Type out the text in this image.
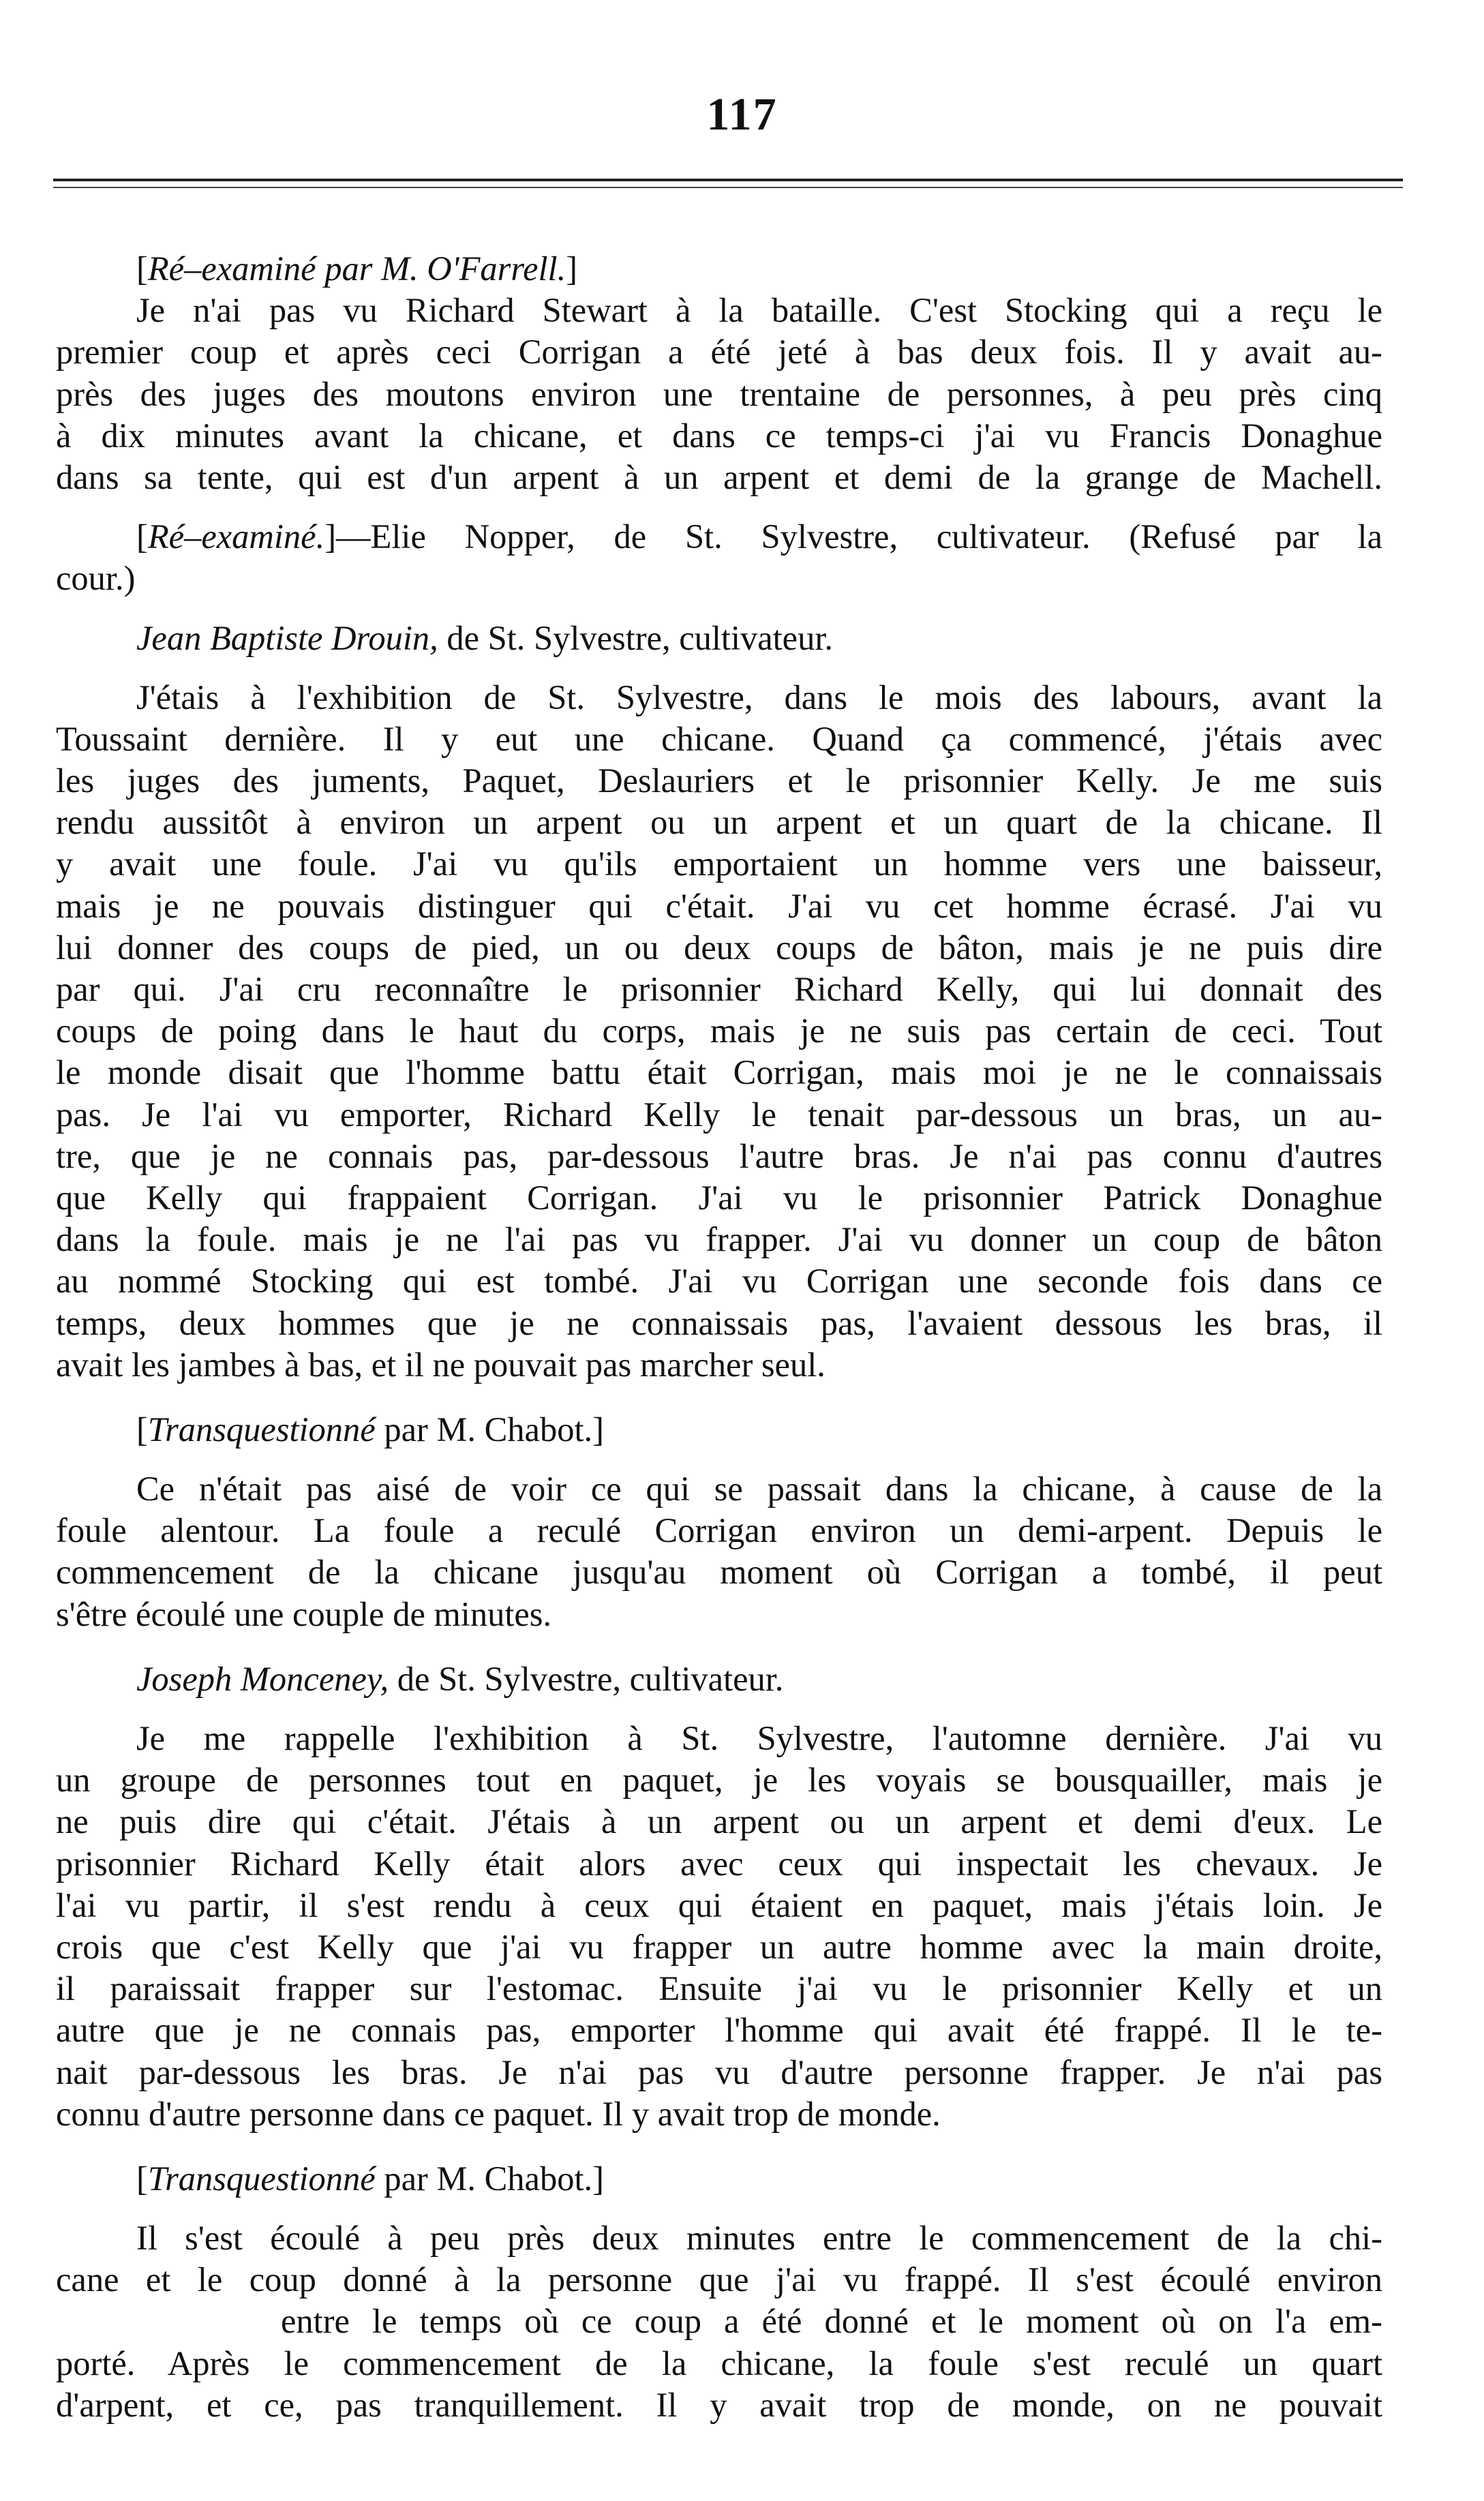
117
[Ré–examiné par M. O'Farrell.]
Je n'ai pas vu Richard Stewart à la bataille. C'est Stocking qui a reçu le
premier coup et après ceci Corrigan a été jeté à bas deux fois. Il y avait au-
près des juges des moutons environ une trentaine de personnes, à peu près cinq
à dix minutes avant la chicane, et dans ce temps-ci j'ai vu Francis Donaghue
dans sa tente, qui est d'un arpent à un arpent et demi de la grange de Machell.
[Ré–examiné.]—Elie Nopper, de St. Sylvestre, cultivateur. (Refusé par la
cour.)
Jean Baptiste Drouin, de St. Sylvestre, cultivateur.
J'étais à l'exhibition de St. Sylvestre, dans le mois des labours, avant la
Toussaint dernière. Il y eut une chicane. Quand ça commencé, j'étais avec
les juges des juments, Paquet, Deslauriers et le prisonnier Kelly. Je me suis
rendu aussitôt à environ un arpent ou un arpent et un quart de la chicane. Il
y avait une foule. J'ai vu qu'ils emportaient un homme vers une baisseur,
mais je ne pouvais distinguer qui c'était. J'ai vu cet homme écrasé. J'ai vu
lui donner des coups de pied, un ou deux coups de bâton, mais je ne puis dire
par qui. J'ai cru reconnaître le prisonnier Richard Kelly, qui lui donnait des
coups de poing dans le haut du corps, mais je ne suis pas certain de ceci. Tout
le monde disait que l'homme battu était Corrigan, mais moi je ne le connaissais
pas. Je l'ai vu emporter, Richard Kelly le tenait par-dessous un bras, un au-
tre, que je ne connais pas, par-dessous l'autre bras. Je n'ai pas connu d'autres
que Kelly qui frappaient Corrigan. J'ai vu le prisonnier Patrick Donaghue
dans la foule. mais je ne l'ai pas vu frapper. J'ai vu donner un coup de bâton
au nommé Stocking qui est tombé. J'ai vu Corrigan une seconde fois dans ce
temps, deux hommes que je ne connaissais pas, l'avaient dessous les bras, il
avait les jambes à bas, et il ne pouvait pas marcher seul.
[Transquestionné par M. Chabot.]
Ce n'était pas aisé de voir ce qui se passait dans la chicane, à cause de la
foule alentour. La foule a reculé Corrigan environ un demi-arpent. Depuis le
commencement de la chicane jusqu'au moment où Corrigan a tombé, il peut
s'être écoulé une couple de minutes.
Joseph Monceney, de St. Sylvestre, cultivateur.
Je me rappelle l'exhibition à St. Sylvestre, l'automne dernière. J'ai vu
un groupe de personnes tout en paquet, je les voyais se bousquailler, mais je
ne puis dire qui c'était. J'étais à un arpent ou un arpent et demi d'eux. Le
prisonnier Richard Kelly était alors avec ceux qui inspectait les chevaux. Je
l'ai vu partir, il s'est rendu à ceux qui étaient en paquet, mais j'étais loin. Je
crois que c'est Kelly que j'ai vu frapper un autre homme avec la main droite,
il paraissait frapper sur l'estomac. Ensuite j'ai vu le prisonnier Kelly et un
autre que je ne connais pas, emporter l'homme qui avait été frappé. Il le te-
nait par-dessous les bras. Je n'ai pas vu d'autre personne frapper. Je n'ai pas
connu d'autre personne dans ce paquet. Il y avait trop de monde.
[Transquestionné par M. Chabot.]
Il s'est écoulé à peu près deux minutes entre le commencement de la chi-
cane et le coup donné à la personne que j'ai vu frappé. Il s'est écoulé environ
entre le temps où ce coup a été donné et le moment où on l'a em-
porté. Après le commencement de la chicane, la foule s'est reculé un quart
d'arpent, et ce, pas tranquillement. Il y avait trop de monde, on ne pouvait
